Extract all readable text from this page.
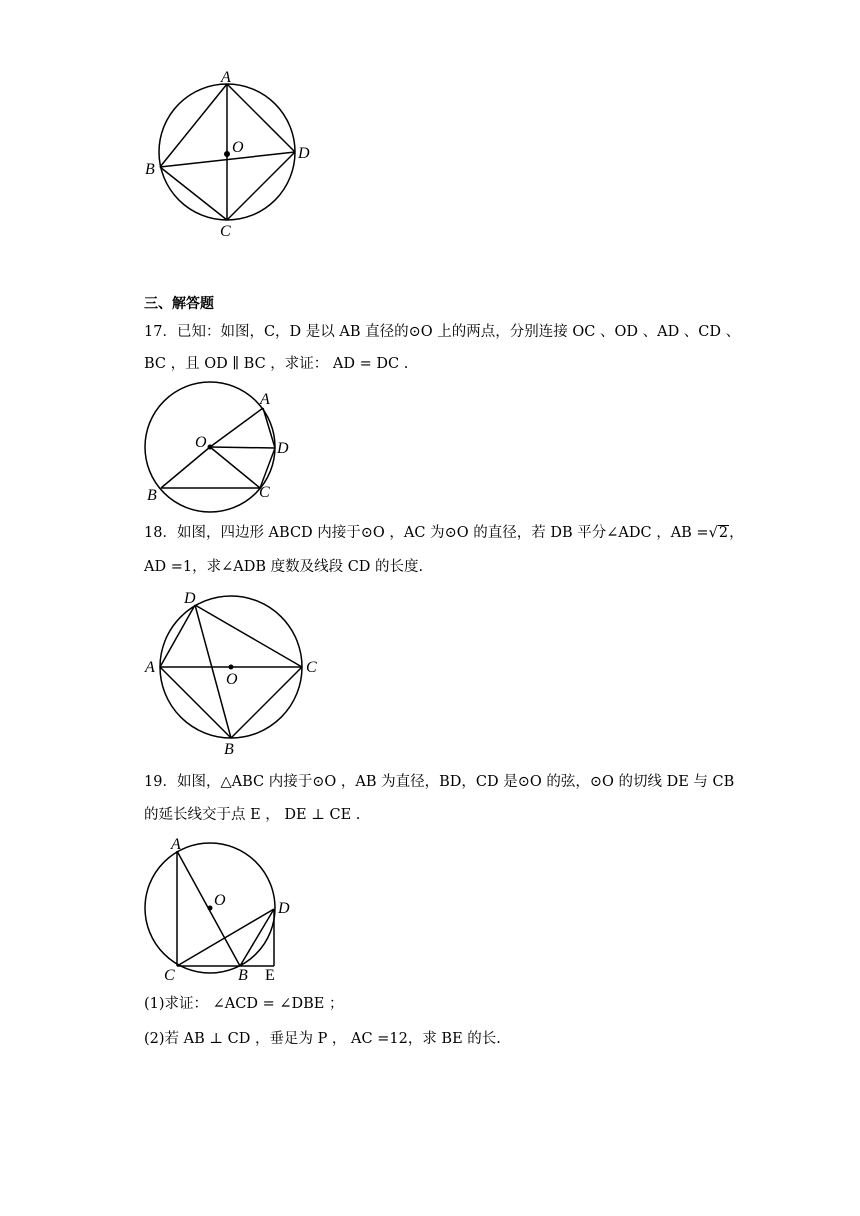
A
O
B
D
C
三、解答题
17．已知：如图，C，D 是以 AB 直径的⊙O 上的两点，分别连接 OC 、OD 、AD 、CD 、
BC ，且 OD ∥ BC ，求证： AD = DC .
A
O	D
B	C
18．如图，四边形 ABCD 内接于⊙O ，AC 为⊙O 的直径，若 DB 平分∠ADC ，AB =√2，
AD =1，求∠ADB 度数及线段 CD 的长度.
D
A
O
C
B
19．如图，△ABC 内接于⊙O ，AB 为直径，BD，CD 是⊙O 的弦，⊙O 的切线 DE 与 CB
的延长线交于点 E ， DE ⊥ CE .
A
O	D
C	B E
(1)求证： ∠ACD = ∠DBE ；
(2)若 AB ⊥ CD ，垂足为 P ， AC =12，求 BE 的长.
